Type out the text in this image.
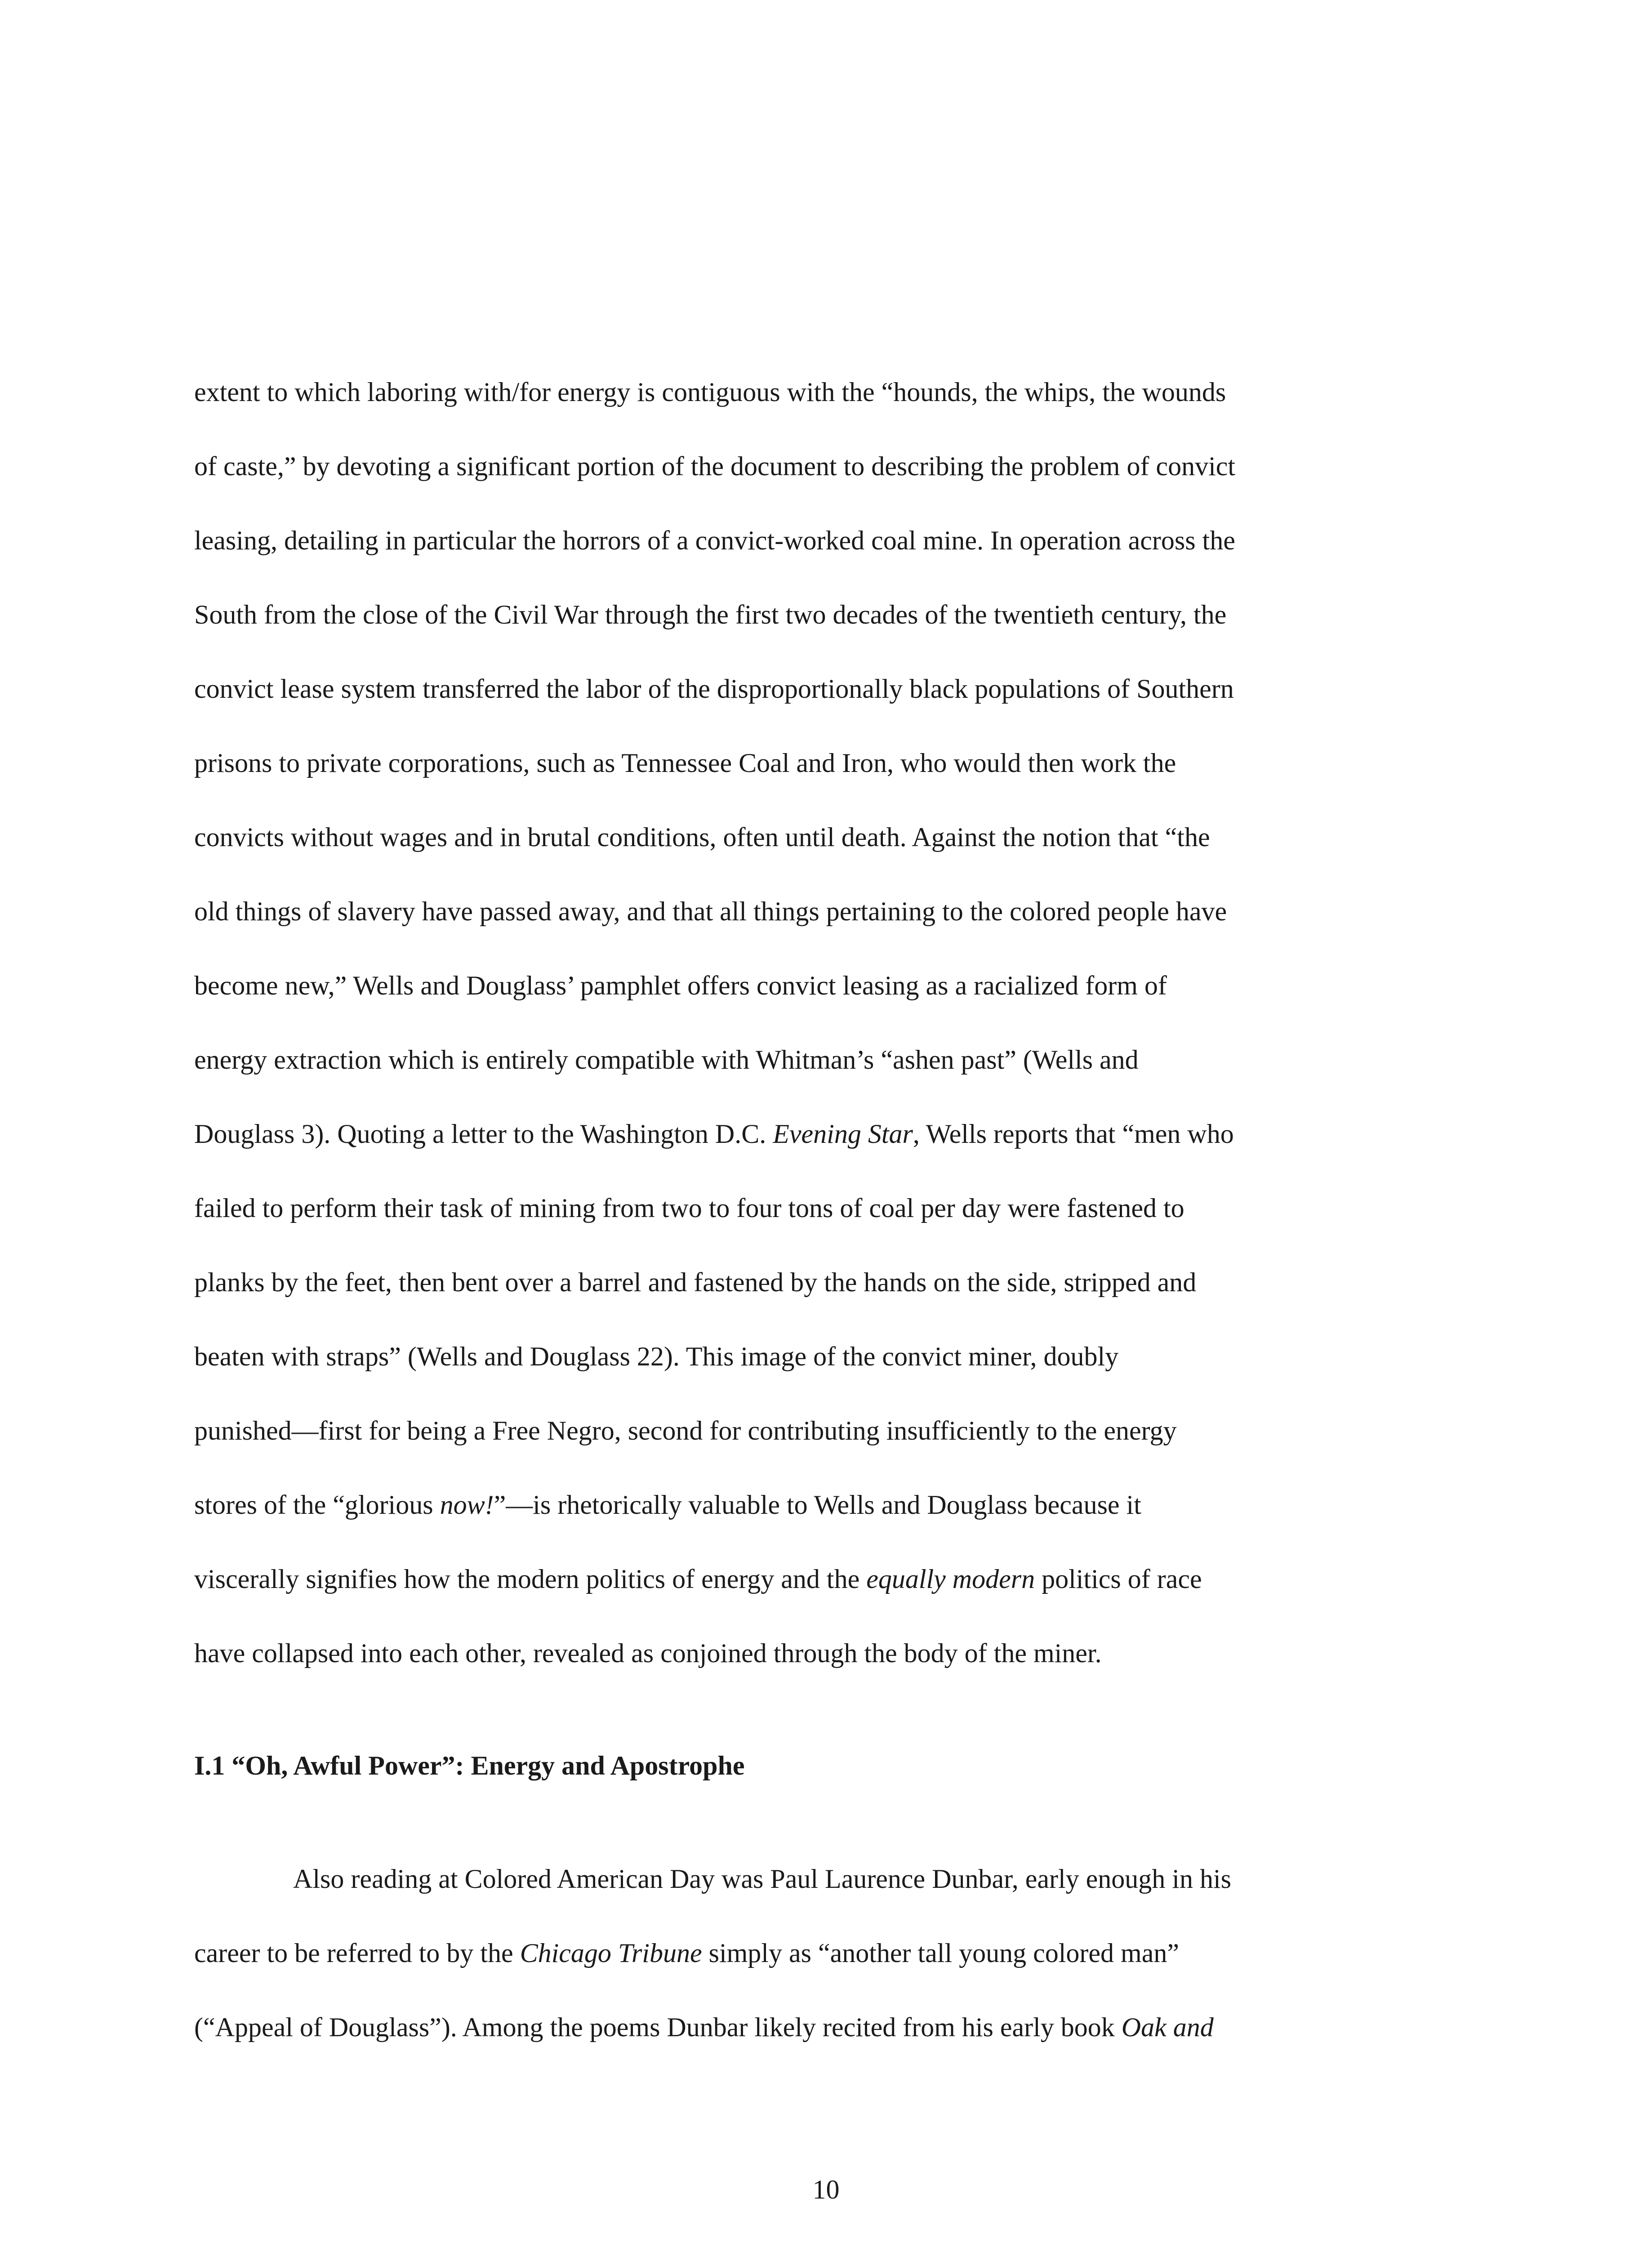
extent to which laboring with/for energy is contiguous with the “hounds, the whips, the wounds
of caste,” by devoting a significant portion of the document to describing the problem of convict
leasing, detailing in particular the horrors of a convict-worked coal mine. In operation across the
South from the close of the Civil War through the first two decades of the twentieth century, the
convict lease system transferred the labor of the disproportionally black populations of Southern
prisons to private corporations, such as Tennessee Coal and Iron, who would then work the
convicts without wages and in brutal conditions, often until death. Against the notion that “the
old things of slavery have passed away, and that all things pertaining to the colored people have
become new,” Wells and Douglass’ pamphlet offers convict leasing as a racialized form of
energy extraction which is entirely compatible with Whitman’s “ashen past” (Wells and
Douglass 3). Quoting a letter to the Washington D.C. Evening Star, Wells reports that “men who
failed to perform their task of mining from two to four tons of coal per day were fastened to
planks by the feet, then bent over a barrel and fastened by the hands on the side, stripped and
beaten with straps” (Wells and Douglass 22). This image of the convict miner, doubly
punished—first for being a Free Negro, second for contributing insufficiently to the energy
stores of the “glorious now!”—is rhetorically valuable to Wells and Douglass because it
viscerally signifies how the modern politics of energy and the equally modern politics of race
have collapsed into each other, revealed as conjoined through the body of the miner.
I.1 “Oh, Awful Power”: Energy and Apostrophe
Also reading at Colored American Day was Paul Laurence Dunbar, early enough in his
career to be referred to by the Chicago Tribune simply as “another tall young colored man”
(“Appeal of Douglass”). Among the poems Dunbar likely recited from his early book Oak and
10
